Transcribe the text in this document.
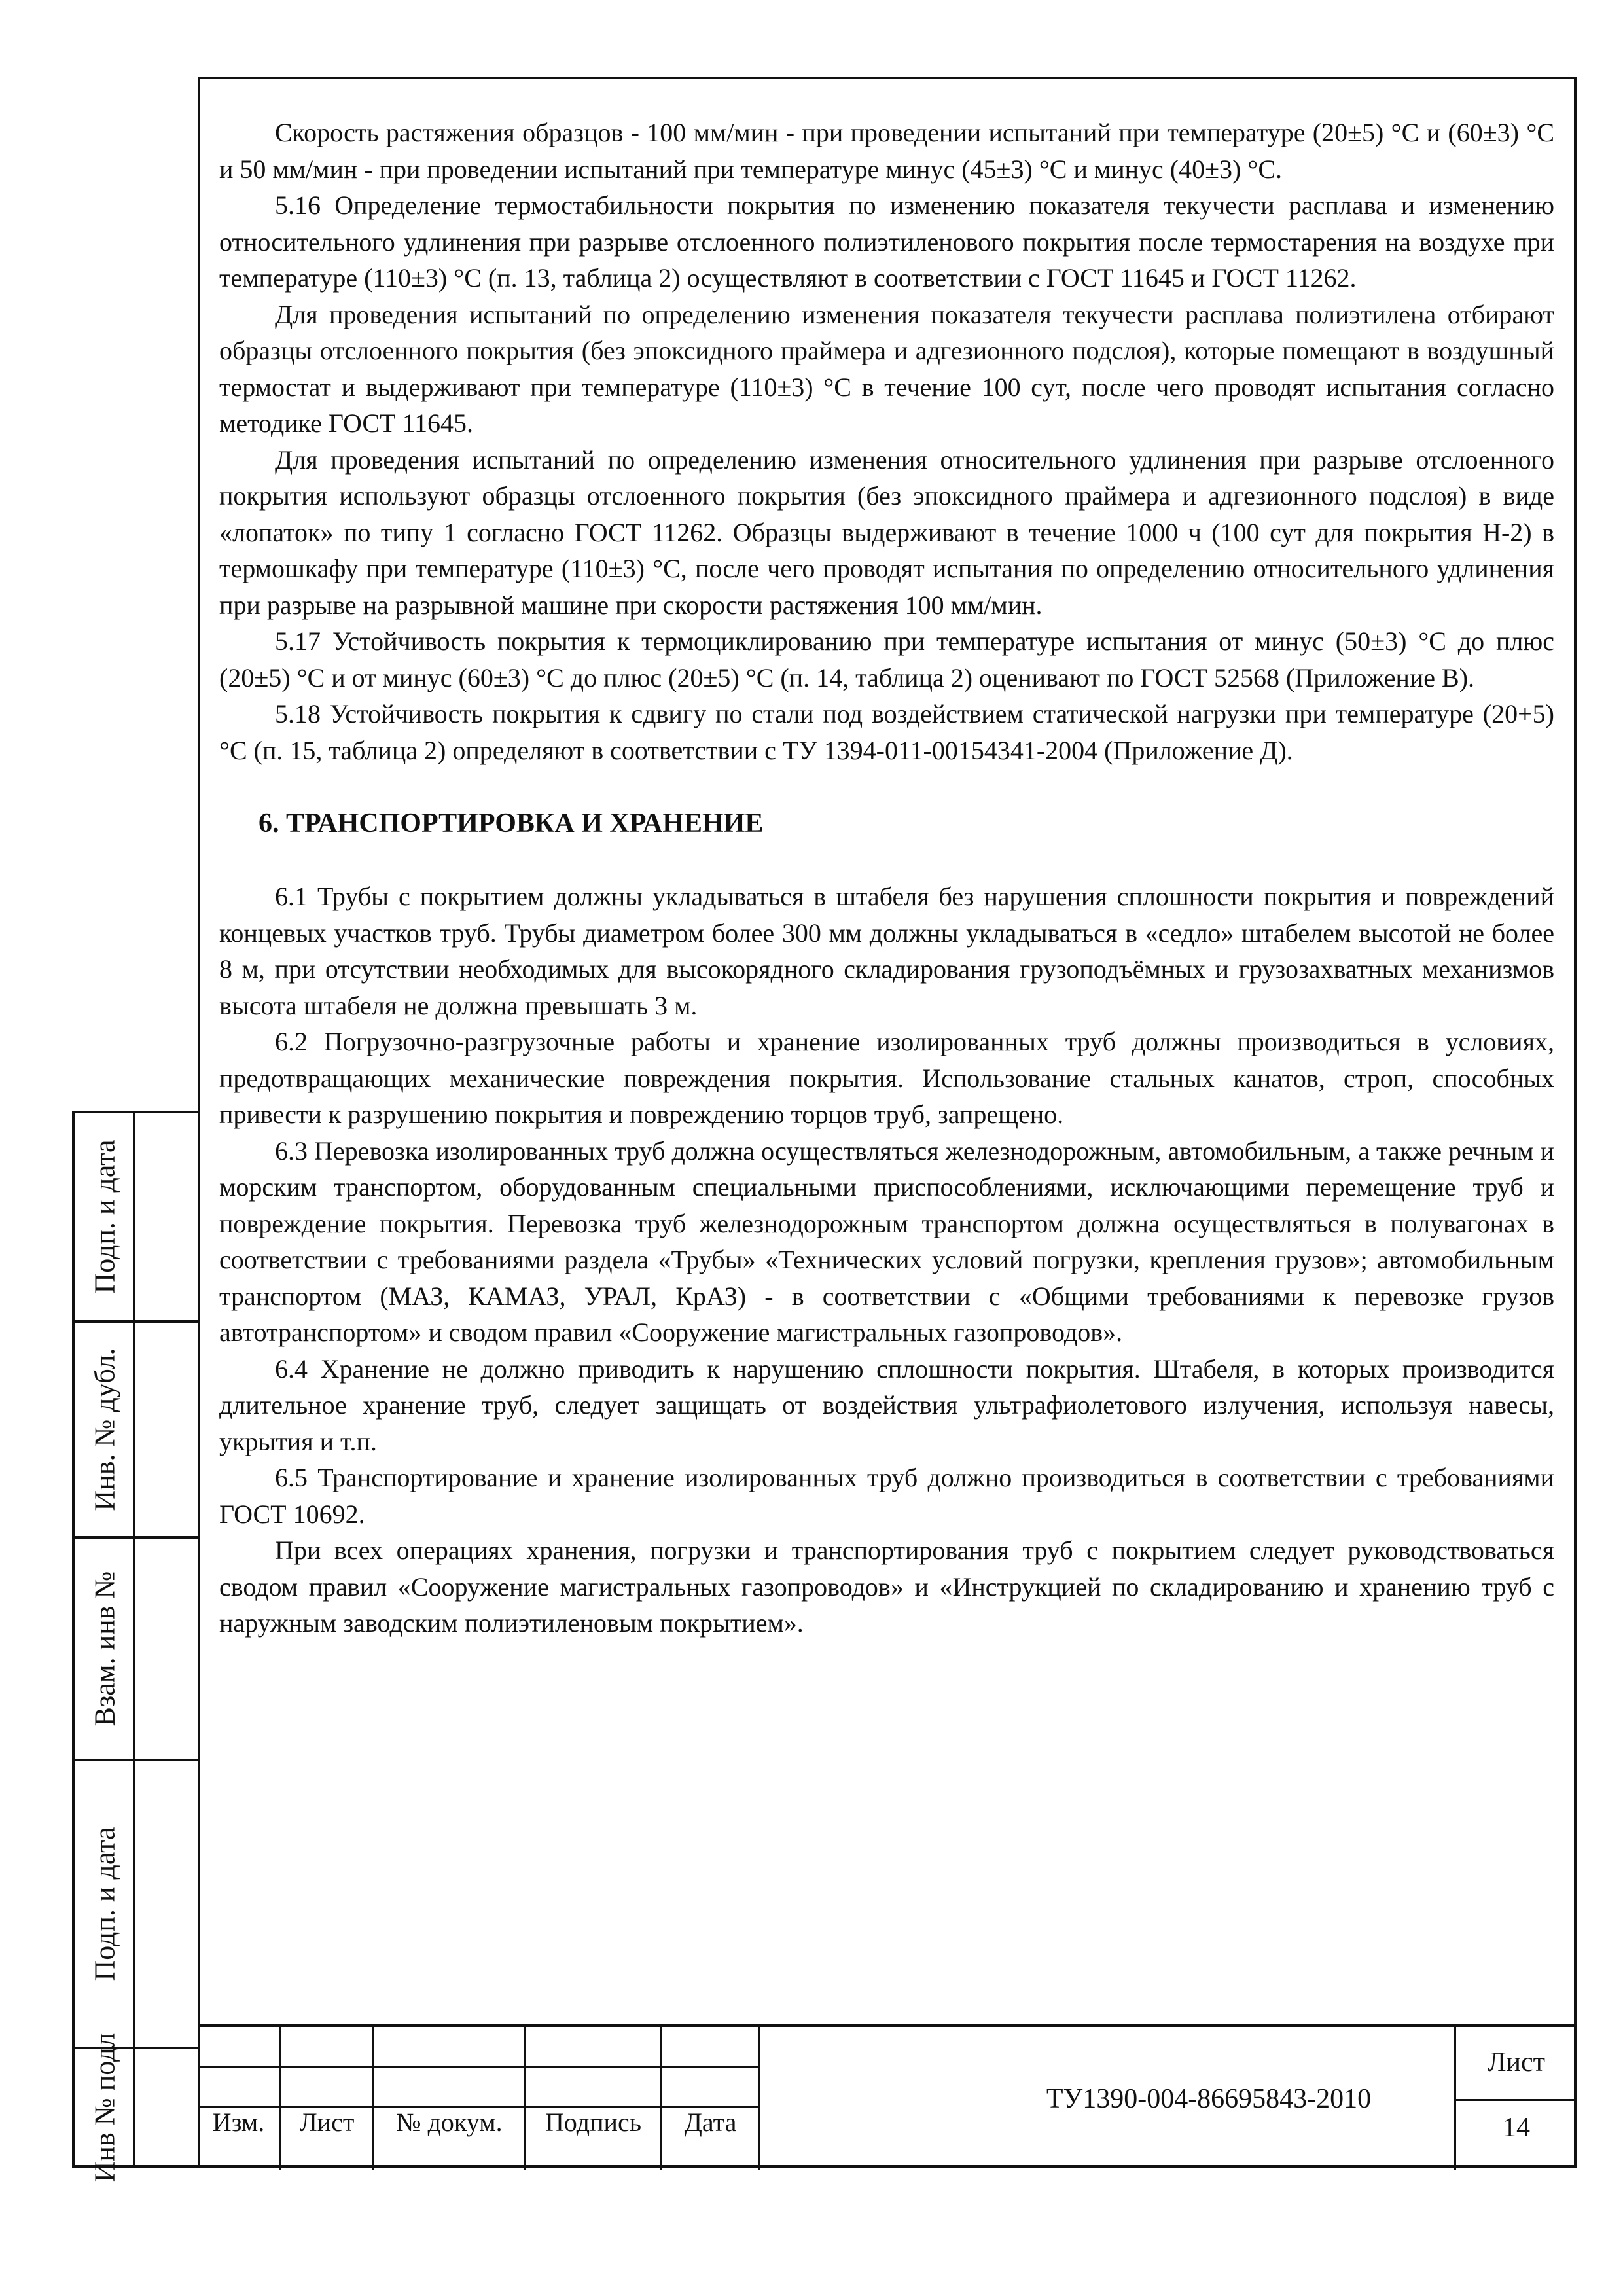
Подп. и дата
Инв. № дубл.
Взам. инв №
Подп. и дата
Инв № подл

Скорость растяжения образцов - 100 мм/мин - при проведении испытаний при температуре (20±5) °С и (60±3) °С и 50 мм/мин - при проведении испытаний при температуре минус (45±3) °С и минус (40±3) °С.

5.16 Определение термостабильности покрытия по изменению показателя текучести расплава и изменению относительного удлинения при разрыве отслоенного полиэтиленового покрытия после термостарения на воздухе при температуре (110±3) °С (п. 13, таблица 2) осуществляют в соответствии с ГОСТ 11645 и ГОСТ 11262.

Для проведения испытаний по определению изменения показателя текучести расплава полиэтилена отбирают образцы отслоенного покрытия (без эпоксидного праймера и адгезионного подслоя), которые помещают в воздушный термостат и выдерживают при температуре (110±3) °С в течение 100 сут, после чего проводят испытания согласно методике ГОСТ 11645.

Для проведения испытаний по определению изменения относительного удлинения при разрыве отслоенного покрытия используют образцы отслоенного покрытия (без эпоксидного праймера и адгезионного подслоя) в виде «лопаток» по типу 1 согласно ГОСТ 11262. Образцы выдерживают в течение 1000 ч (100 сут для покрытия Н-2) в термошкафу при температуре (110±3) °С, после чего проводят испытания по определению относительного удлинения при разрыве на разрывной машине при скорости растяжения 100 мм/мин.

5.17 Устойчивость покрытия к термоциклированию при температуре испытания от минус (50±3) °С до плюс (20±5) °С и от минус (60±3) °С до плюс (20±5) °С (п. 14, таблица 2) оценивают по ГОСТ 52568 (Приложение В).

5.18 Устойчивость покрытия к сдвигу по стали под воздействием статической нагрузки при температуре (20+5) °С (п. 15, таблица 2) определяют в соответствии с ТУ 1394-011-00154341-2004 (Приложение Д).

6. ТРАНСПОРТИРОВКА И ХРАНЕНИЕ

6.1 Трубы с покрытием должны укладываться в штабеля без нарушения сплошности покрытия и повреждений концевых участков труб. Трубы диаметром более 300 мм должны укладываться в «седло» штабелем высотой не более 8 м, при отсутствии необходимых для высокорядного складирования грузоподъёмных и грузозахватных механизмов высота штабеля не должна превышать 3 м.

6.2 Погрузочно-разгрузочные работы и хранение изолированных труб должны производиться в условиях, предотвращающих механические повреждения покрытия. Использование стальных канатов, строп, способных привести к разрушению покрытия и повреждению торцов труб, запрещено.

6.3 Перевозка изолированных труб должна осуществляться железнодорожным, автомобильным, а также речным и морским транспортом, оборудованным специальными приспособлениями, исключающими перемещение труб и повреждение покрытия. Перевозка труб железнодорожным транспортом должна осуществляться в полувагонах в соответствии с требованиями раздела «Трубы» «Технических условий погрузки, крепления грузов»; автомобильным транспортом (МАЗ, КАМАЗ, УРАЛ, КрАЗ) - в соответствии с «Общими требованиями к перевозке грузов автотранспортом» и сводом правил «Сооружение магистральных газопроводов».

6.4 Хранение не должно приводить к нарушению сплошности покрытия. Штабеля, в которых производится длительное хранение труб, следует защищать от воздействия ультрафиолетового излучения, используя навесы, укрытия и т.п.

6.5 Транспортирование и хранение изолированных труб должно производиться в соответствии с требованиями ГОСТ 10692.

При всех операциях хранения, погрузки и транспортирования труб с покрытием следует руководствоваться сводом правил «Сооружение магистральных газопроводов» и «Инструкцией по складированию и хранению труб с наружным заводским полиэтиленовым покрытием».

Изм.	Лист	№ докум.	Подпись	Дата
ТУ1390-004-86695843-2010
Лист
14
